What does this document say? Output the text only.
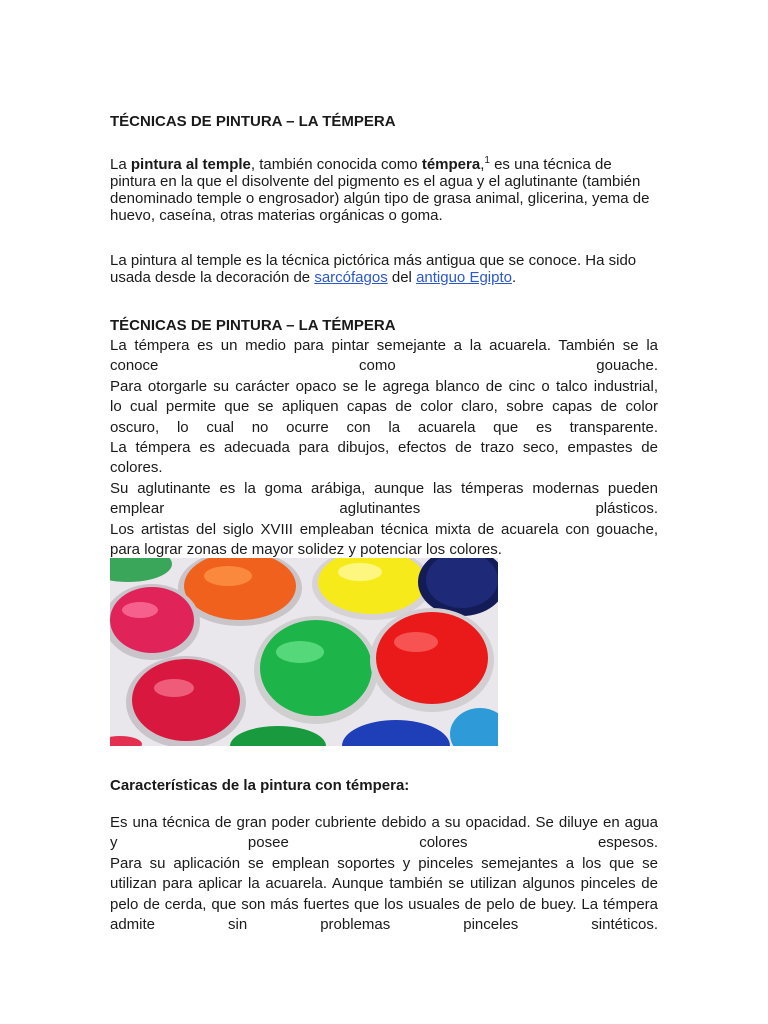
TÉCNICAS DE PINTURA – LA TÉMPERA
La pintura al temple, también conocida como témpera,$^1$ es una técnica de pintura en la que el disolvente del pigmento es el agua y el aglutinante (también denominado temple o engrosador) algún tipo de grasa animal, glicerina, yema de huevo, caseína, otras materias orgánicas o goma.
La pintura al temple es la técnica pictórica más antigua que se conoce. Ha sido usada desde la decoración de sarcófagos del antiguo Egipto.
TÉCNICAS DE PINTURA – LA TÉMPERA
La témpera es un medio para pintar semejante a la acuarela. También se la
conoce como gouache.
Para otorgarle su carácter opaco se le agrega blanco de cinc o talco industrial,
lo cual permite que se apliquen capas de color claro, sobre capas de color
oscuro, lo cual no ocurre con la acuarela que es transparente.
La témpera es adecuada para dibujos, efectos de trazo seco, empastes de
colores.
Su aglutinante es la goma arábiga, aunque las témperas modernas pueden
emplear aglutinantes plásticos.
Los artistas del siglo XVIII empleaban técnica mixta de acuarela con gouache,
para lograr zonas de mayor solidez y potenciar los colores.
Características de la pintura con témpera:
Es una técnica de gran poder cubriente debido a su opacidad. Se diluye en agua
y posee colores espesos.
Para su aplicación se emplean soportes y pinceles semejantes a los que se
utilizan para aplicar la acuarela. Aunque también se utilizan algunos pinceles de
pelo de cerda, que son más fuertes que los usuales de pelo de buey. La témpera
admite sin problemas pinceles sintéticos.
